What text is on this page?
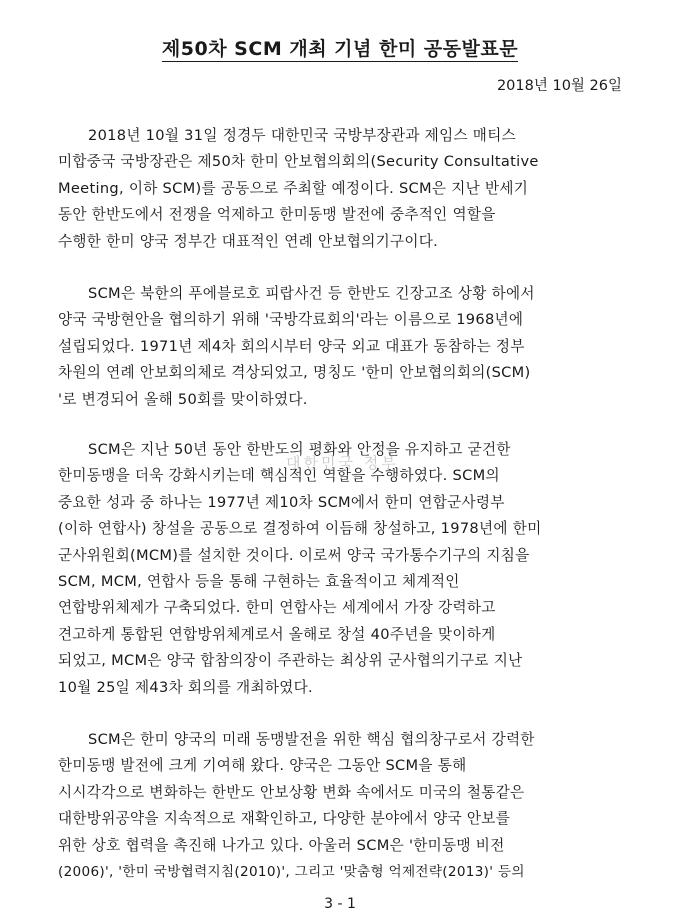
제50차 SCM 개최 기념 한미 공동발표문
2018년 10월 26일
2018년 10월 31일 정경두 대한민국 국방부장관과 제임스 매티스
미합중국 국방장관은 제50차 한미 안보협의회의(Security Consultative
Meeting, 이하 SCM)를 공동으로 주최할 예정이다. SCM은 지난 반세기
동안 한반도에서 전쟁을 억제하고 한미동맹 발전에 중추적인 역할을
수행한 한미 양국 정부간 대표적인 연례 안보협의기구이다.
SCM은 북한의 푸에블로호 피랍사건 등 한반도 긴장고조 상황 하에서
양국 국방현안을 협의하기 위해 '국방각료회의'라는 이름으로 1968년에
설립되었다. 1971년 제4차 회의시부터 양국 외교 대표가 동참하는 정부
차원의 연례 안보회의체로 격상되었고, 명칭도 '한미 안보협의회의(SCM)
'로 변경되어 올해 50회를 맞이하였다.
SCM은 지난 50년 동안 한반도의 평화와 안정을 유지하고 굳건한
한미동맹을 더욱 강화시키는데 핵심적인 역할을 수행하였다. SCM의
중요한 성과 중 하나는 1977년 제10차 SCM에서 한미 연합군사령부
(이하 연합사) 창설을 공동으로 결정하여 이듬해 창설하고, 1978년에 한미
군사위원회(MCM)를 설치한 것이다. 이로써 양국 국가통수기구의 지침을
SCM, MCM, 연합사 등을 통해 구현하는 효율적이고 체계적인
연합방위체제가 구축되었다. 한미 연합사는 세계에서 가장 강력하고
견고하게 통합된 연합방위체계로서 올해로 창설 40주년을 맞이하게
되었고, MCM은 양국 합참의장이 주관하는 최상위 군사협의기구로 지난
10월 25일 제43차 회의를 개최하였다.
SCM은 한미 양국의 미래 동맹발전을 위한 핵심 협의창구로서 강력한
한미동맹 발전에 크게 기여해 왔다. 양국은 그동안 SCM을 통해
시시각각으로 변화하는 한반도 안보상황 변화 속에서도 미국의 철통같은
대한방위공약을 지속적으로 재확인하고, 다양한 분야에서 양국 안보를
위한 상호 협력을 촉진해 나가고 있다. 아울러 SCM은 '한미동맹 비전
(2006)', '한미 국방협력지침(2010)', 그리고 '맞춤형 억제전략(2013)' 등의
대한민국 정부
3 - 1
